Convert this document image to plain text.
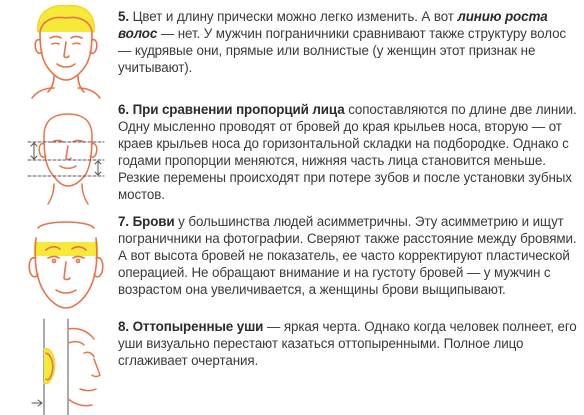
5. Цвет и длину прически можно легко изменить. А вот линию роста волос — нет. У мужчин пограничники сравнивают также структуру волос — кудрявые они, прямые или волнистые (у женщин этот признак не учитывают).
6. При сравнении пропорций лица сопоставляются по длине две линии. Одну мысленно проводят от бровей до края крыльев носа, вторую — от краев крыльев носа до горизонтальной складки на подбородке. Однако с годами пропорции меняются, нижняя часть лица становится меньше. Резкие перемены происходят при потере зубов и после установки зубных мостов.
7. Брови у большинства людей асимметричны. Эту асимметрию и ищут пограничники на фотографии. Сверяют также расстояние между бровями. А вот высота бровей не показатель, ее часто корректируют пластической операцией. Не обращают внимание и на густоту бровей — у мужчин с возрастом она увеличивается, а женщины брови выщипывают.
8. Оттопыренные уши — яркая черта. Однако когда человек полнеет, его уши визуально перестают казаться оттопыренными. Полное лицо сглаживает очертания.
